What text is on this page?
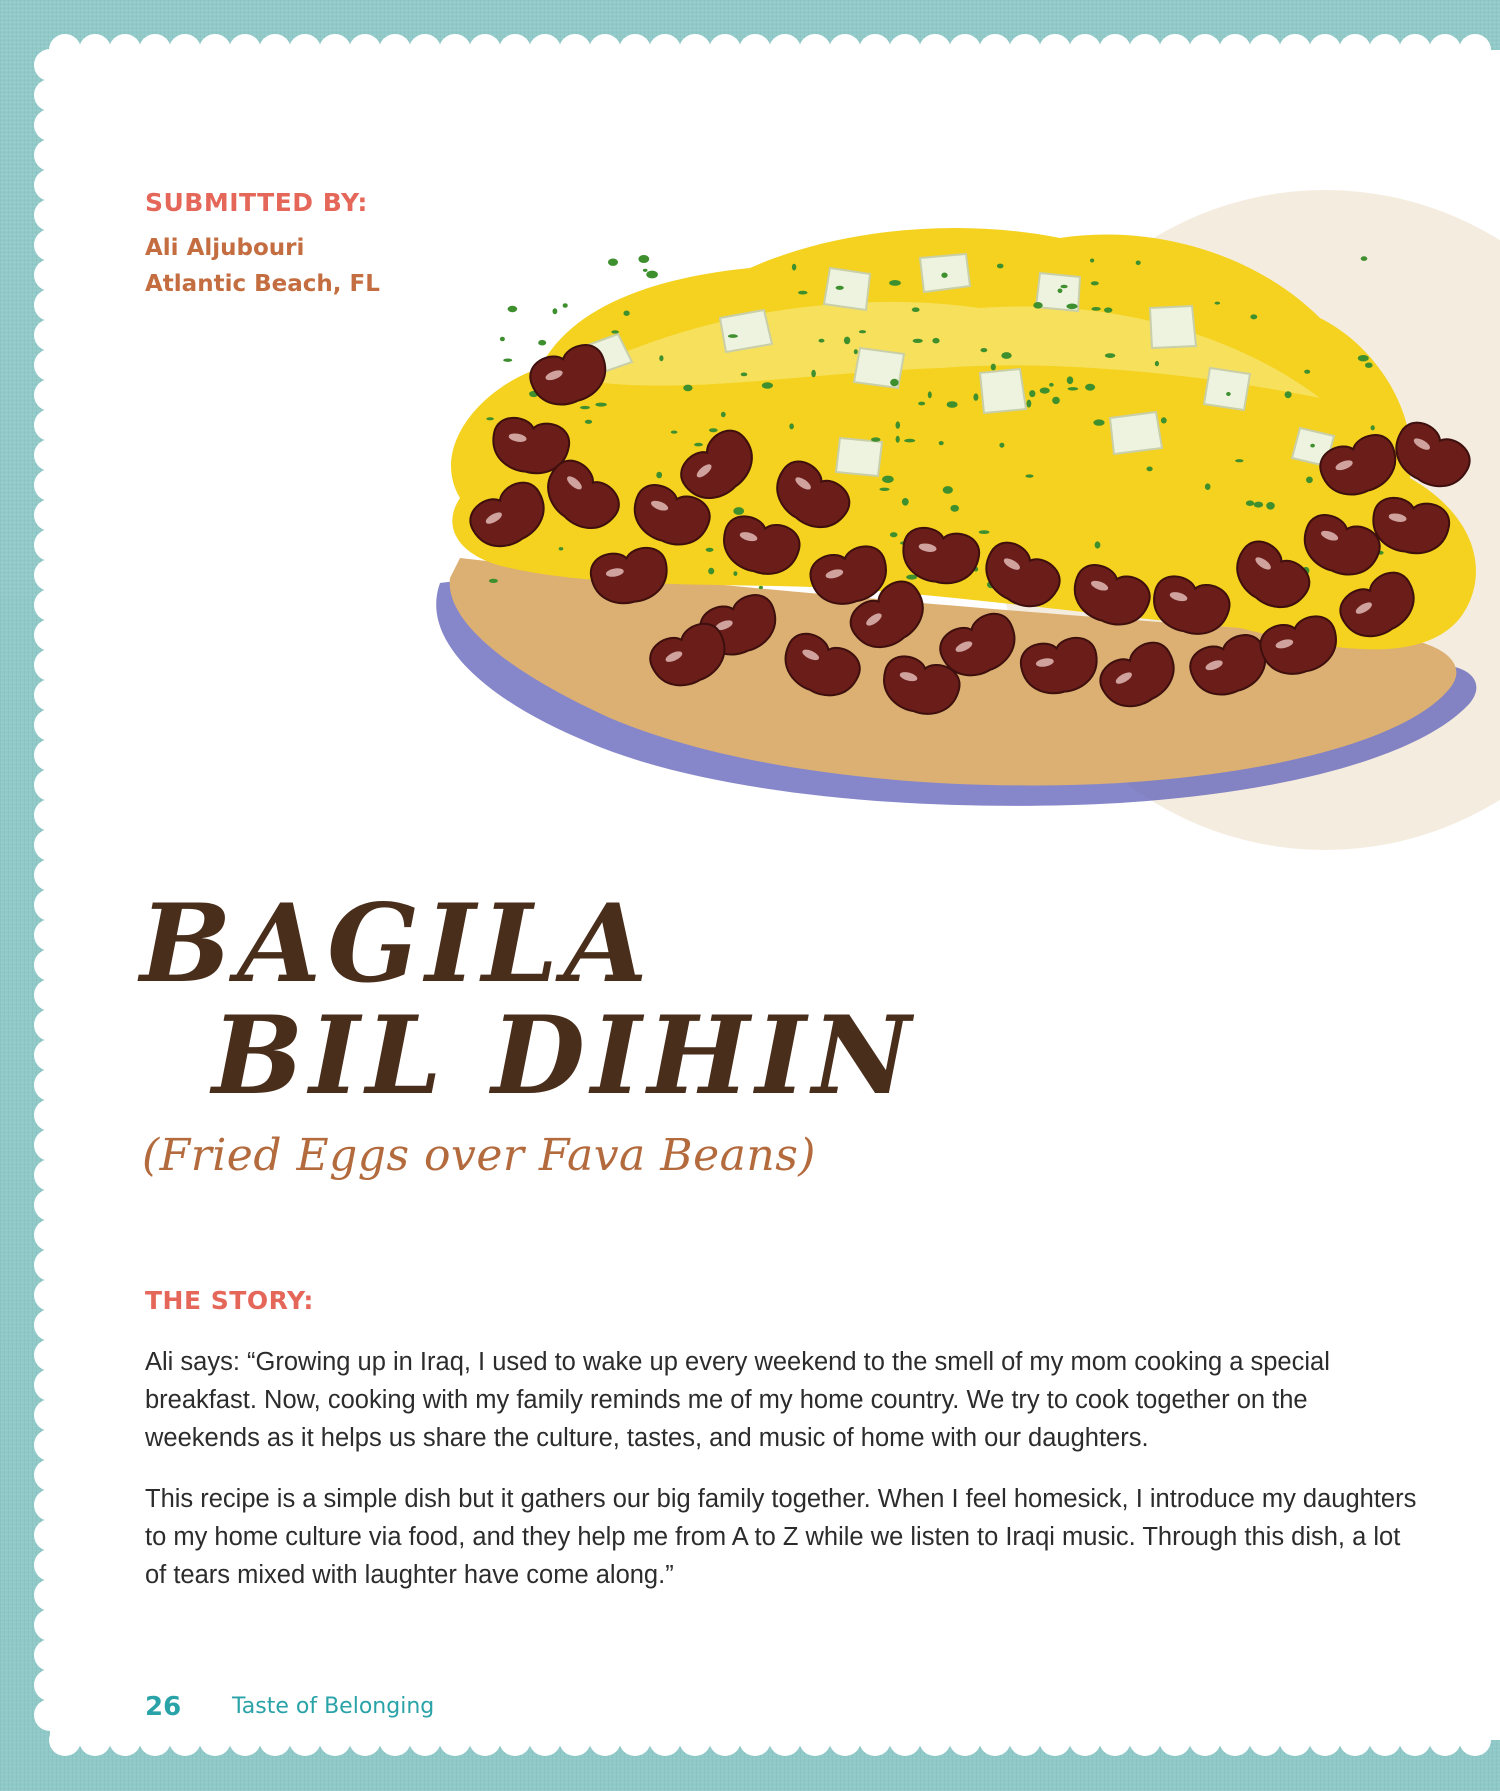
SUBMITTED BY:
Ali Aljubouri
Atlantic Beach, FL
BAGILA
BIL DIHIN

(Fried Eggs over Fava Beans)

THE STORY:

Ali says: “Growing up in Iraq, I used to wake up every weekend to the smell of my mom cooking a special breakfast. Now, cooking with my family reminds me of my home country. We try to cook together on the weekends as it helps us share the culture, tastes, and music of home with our daughters.

This recipe is a simple dish but it gathers our big family together. When I feel homesick, I introduce my daughters to my home culture via food, and they help me from A to Z while we listen to Iraqi music. Through this dish, a lot of tears mixed with laughter have come along.”

26 Taste of Belonging
